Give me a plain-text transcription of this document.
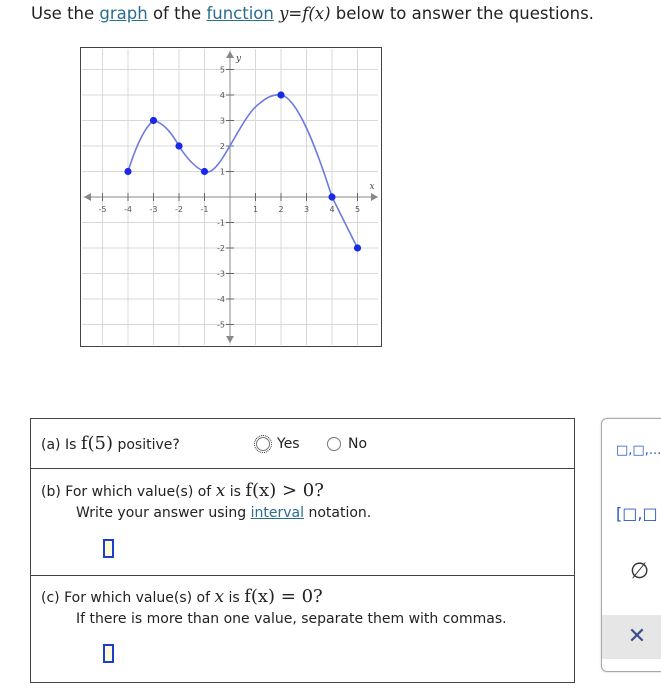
Use the graph of the function y=f(x) below to answer the questions.
x
y
-5 -4 -3 -2 -1	1	2	3	4	5
5
4
3
2
1
-1
-2
-3
-4
-5
(a) Is f(5) positive?	Yes	No
(b) For which value(s) of x is f(x) > 0?
Write your answer using interval notation.
(c) For which value(s) of x is f(x) = 0?
If there is more than one value, separate them with commas.
□,□,...
[□,□
∅
✕
